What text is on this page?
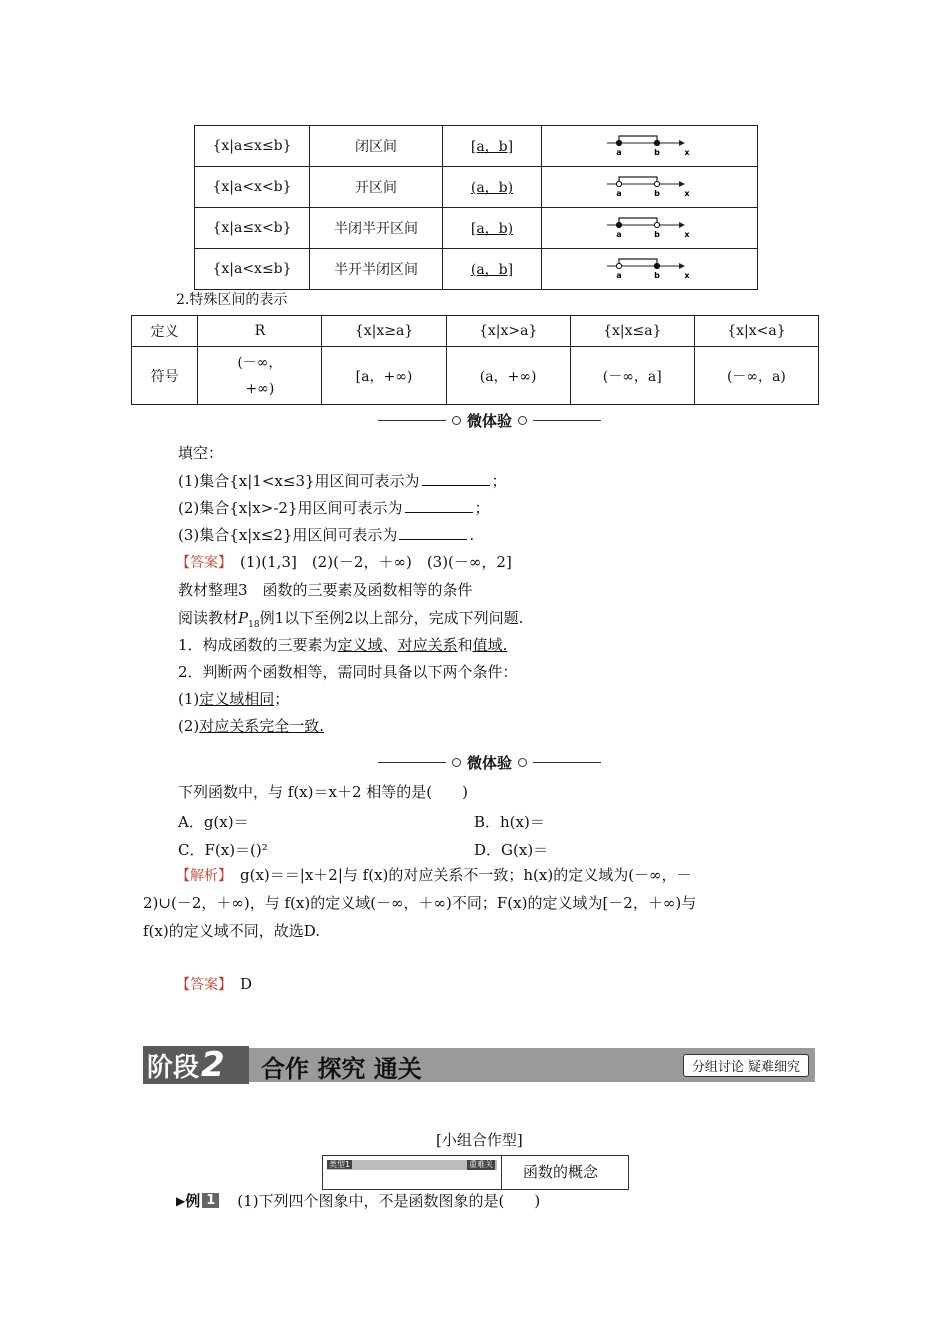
{x|a≤x≤b}	闭区间	[a，b]	a b x

{x|a<x<b}	开区间	(a，b)	a b x

{x|a≤x<b}	半闭半开区间	[a，b)	a b x

{x|a<x≤b}	半开半闭区间	(a，b]	a b x
2.特殊区间的表示
定义	R	{x|x≥a}	{x|x>a}	{x|x≤a}	{x|x<a}
符号	(－∞，+∞)	[a，+∞)	(a，+∞)	(－∞，a]	(－∞，a)
微体验
填空：
(1)集合{x|1<x≤3}用区间可表示为	；
(2)集合{x|x>-2}用区间可表示为	；
(3)集合{x|x≤2}用区间可表示为	.
【答案】　 (1)(1,3]　(2)(－2，＋∞)　(3)(－∞，2]
教材整理3　函数的三要素及函数相等的条件
阅读教材$P_{18}$例1以下至例2以上部分，完成下列问题.
1．构成函数的三要素为定义域、对应关系和值域.
2．判断两个函数相等，需同时具备以下两个条件：
(1)定义域相同；
(2)对应关系完全一致.
微体验
下列函数中，与 f(x)＝x＋2 相等的是(　　)
A．g(x)＝	B．h(x)＝
C．F(x)＝()²	D．G(x)＝
【解析】　 g(x)＝＝|x＋2|与 f(x)的对应关系不一致；h(x)的定义域为(－∞，－
2)∪(－2，＋∞)，与 f(x)的定义域(－∞，＋∞)不同；F(x)的定义域为[－2，＋∞)与
f(x)的定义域不同，故选D.
【答案】　 D
阶段 2 合作 探究 通关	分组讨论 疑难细究
[小组合作型]
类型1	重难关 函数的概念
▶ 例 1 (1)下列四个图象中，不是函数图象的是(　　)
